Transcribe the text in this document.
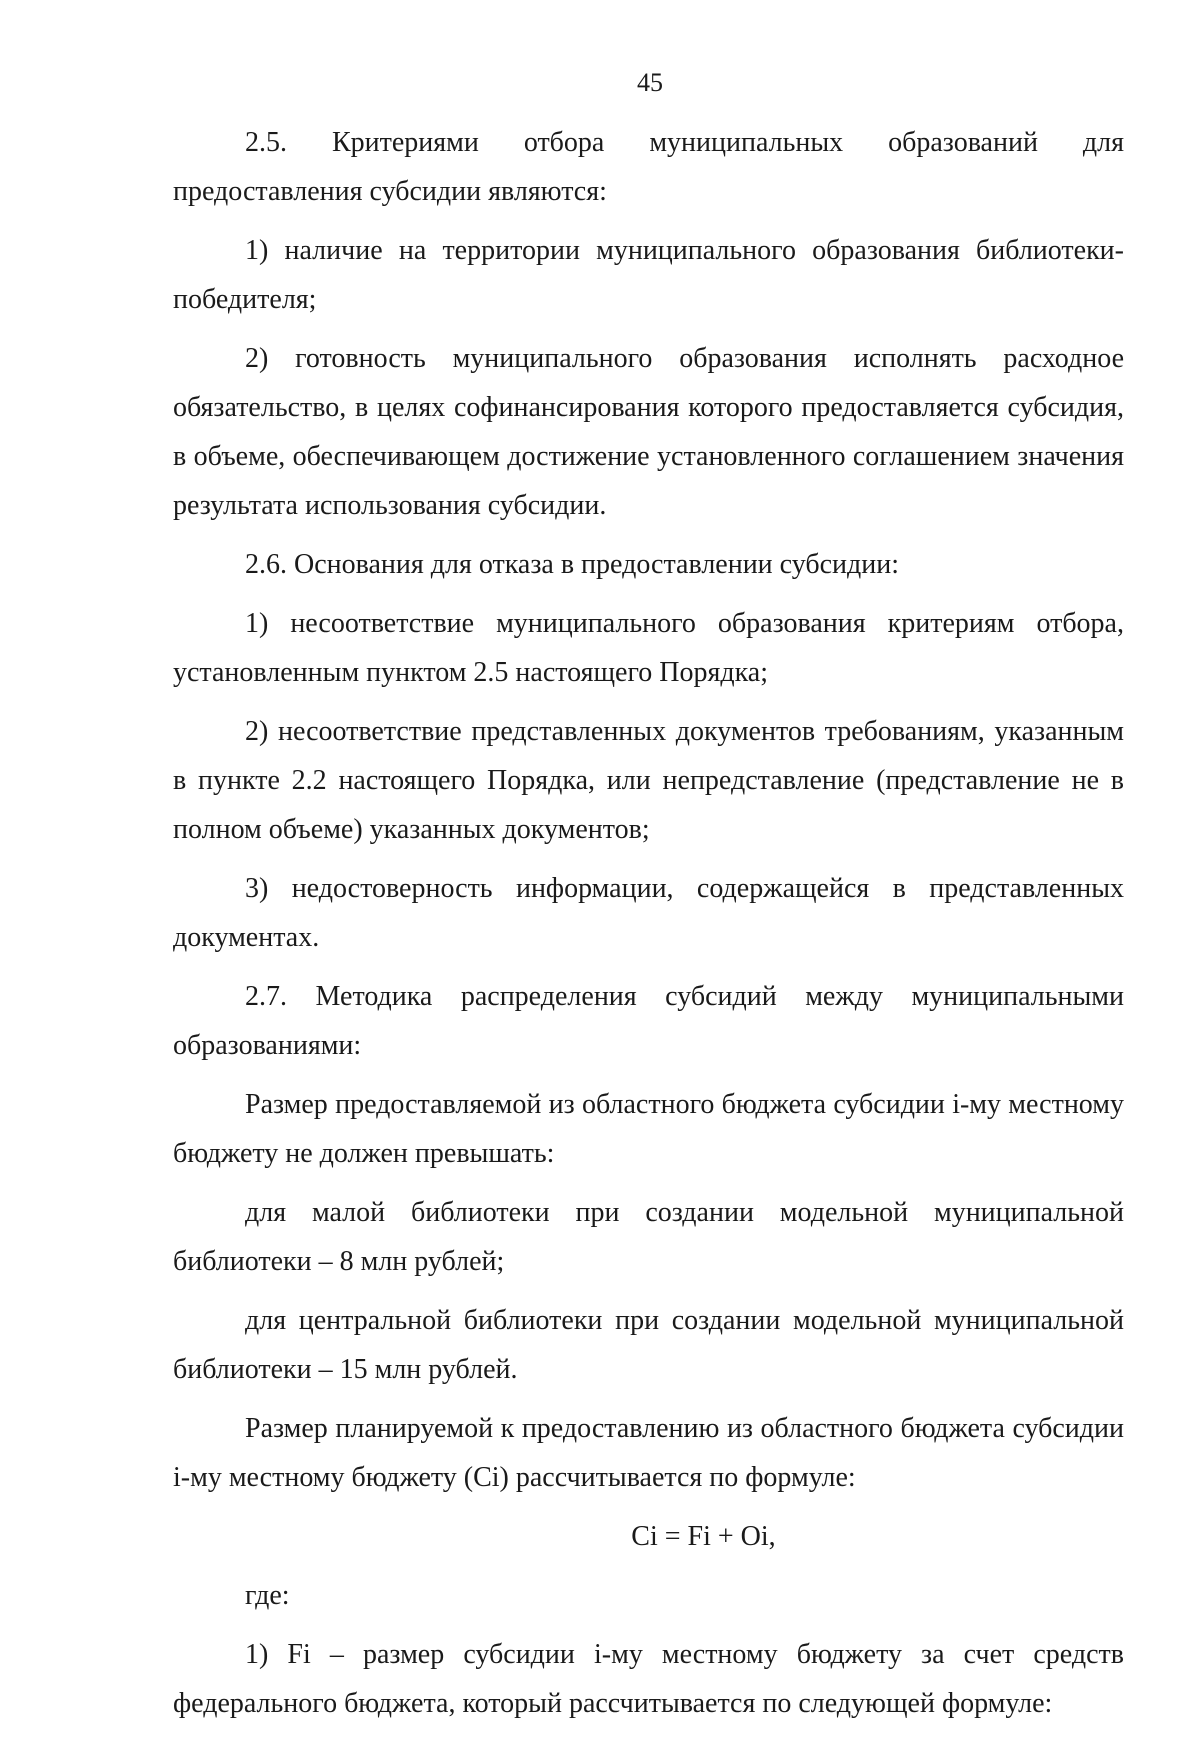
45

2.5. Критериями отбора муниципальных образований для предоставления субсидии являются:

1) наличие на территории муниципального образования библиотеки-победителя;

2) готовность муниципального образования исполнять расходное обязательство, в целях софинансирования которого предоставляется субсидия, в объеме, обеспечивающем достижение установленного соглашением значения результата использования субсидии.

2.6. Основания для отказа в предоставлении субсидии:

1) несоответствие муниципального образования критериям отбора, установленным пунктом 2.5 настоящего Порядка;

2) несоответствие представленных документов требованиям, указанным в пункте 2.2 настоящего Порядка, или непредставление (представление не в полном объеме) указанных документов;

3) недостоверность информации, содержащейся в представленных документах.

2.7. Методика распределения субсидий между муниципальными образованиями:

Размер предоставляемой из областного бюджета субсидии i-му местному бюджету не должен превышать:

для малой библиотеки при создании модельной муниципальной библиотеки – 8 млн рублей;

для центральной библиотеки при создании модельной муниципальной библиотеки – 15 млн рублей.

Размер планируемой к предоставлению из областного бюджета субсидии i-му местному бюджету (Ci) рассчитывается по формуле:

Ci = Fi + Oi,

где:

1) Fi – размер субсидии i-му местному бюджету за счет средств федерального бюджета, который рассчитывается по следующей формуле:
